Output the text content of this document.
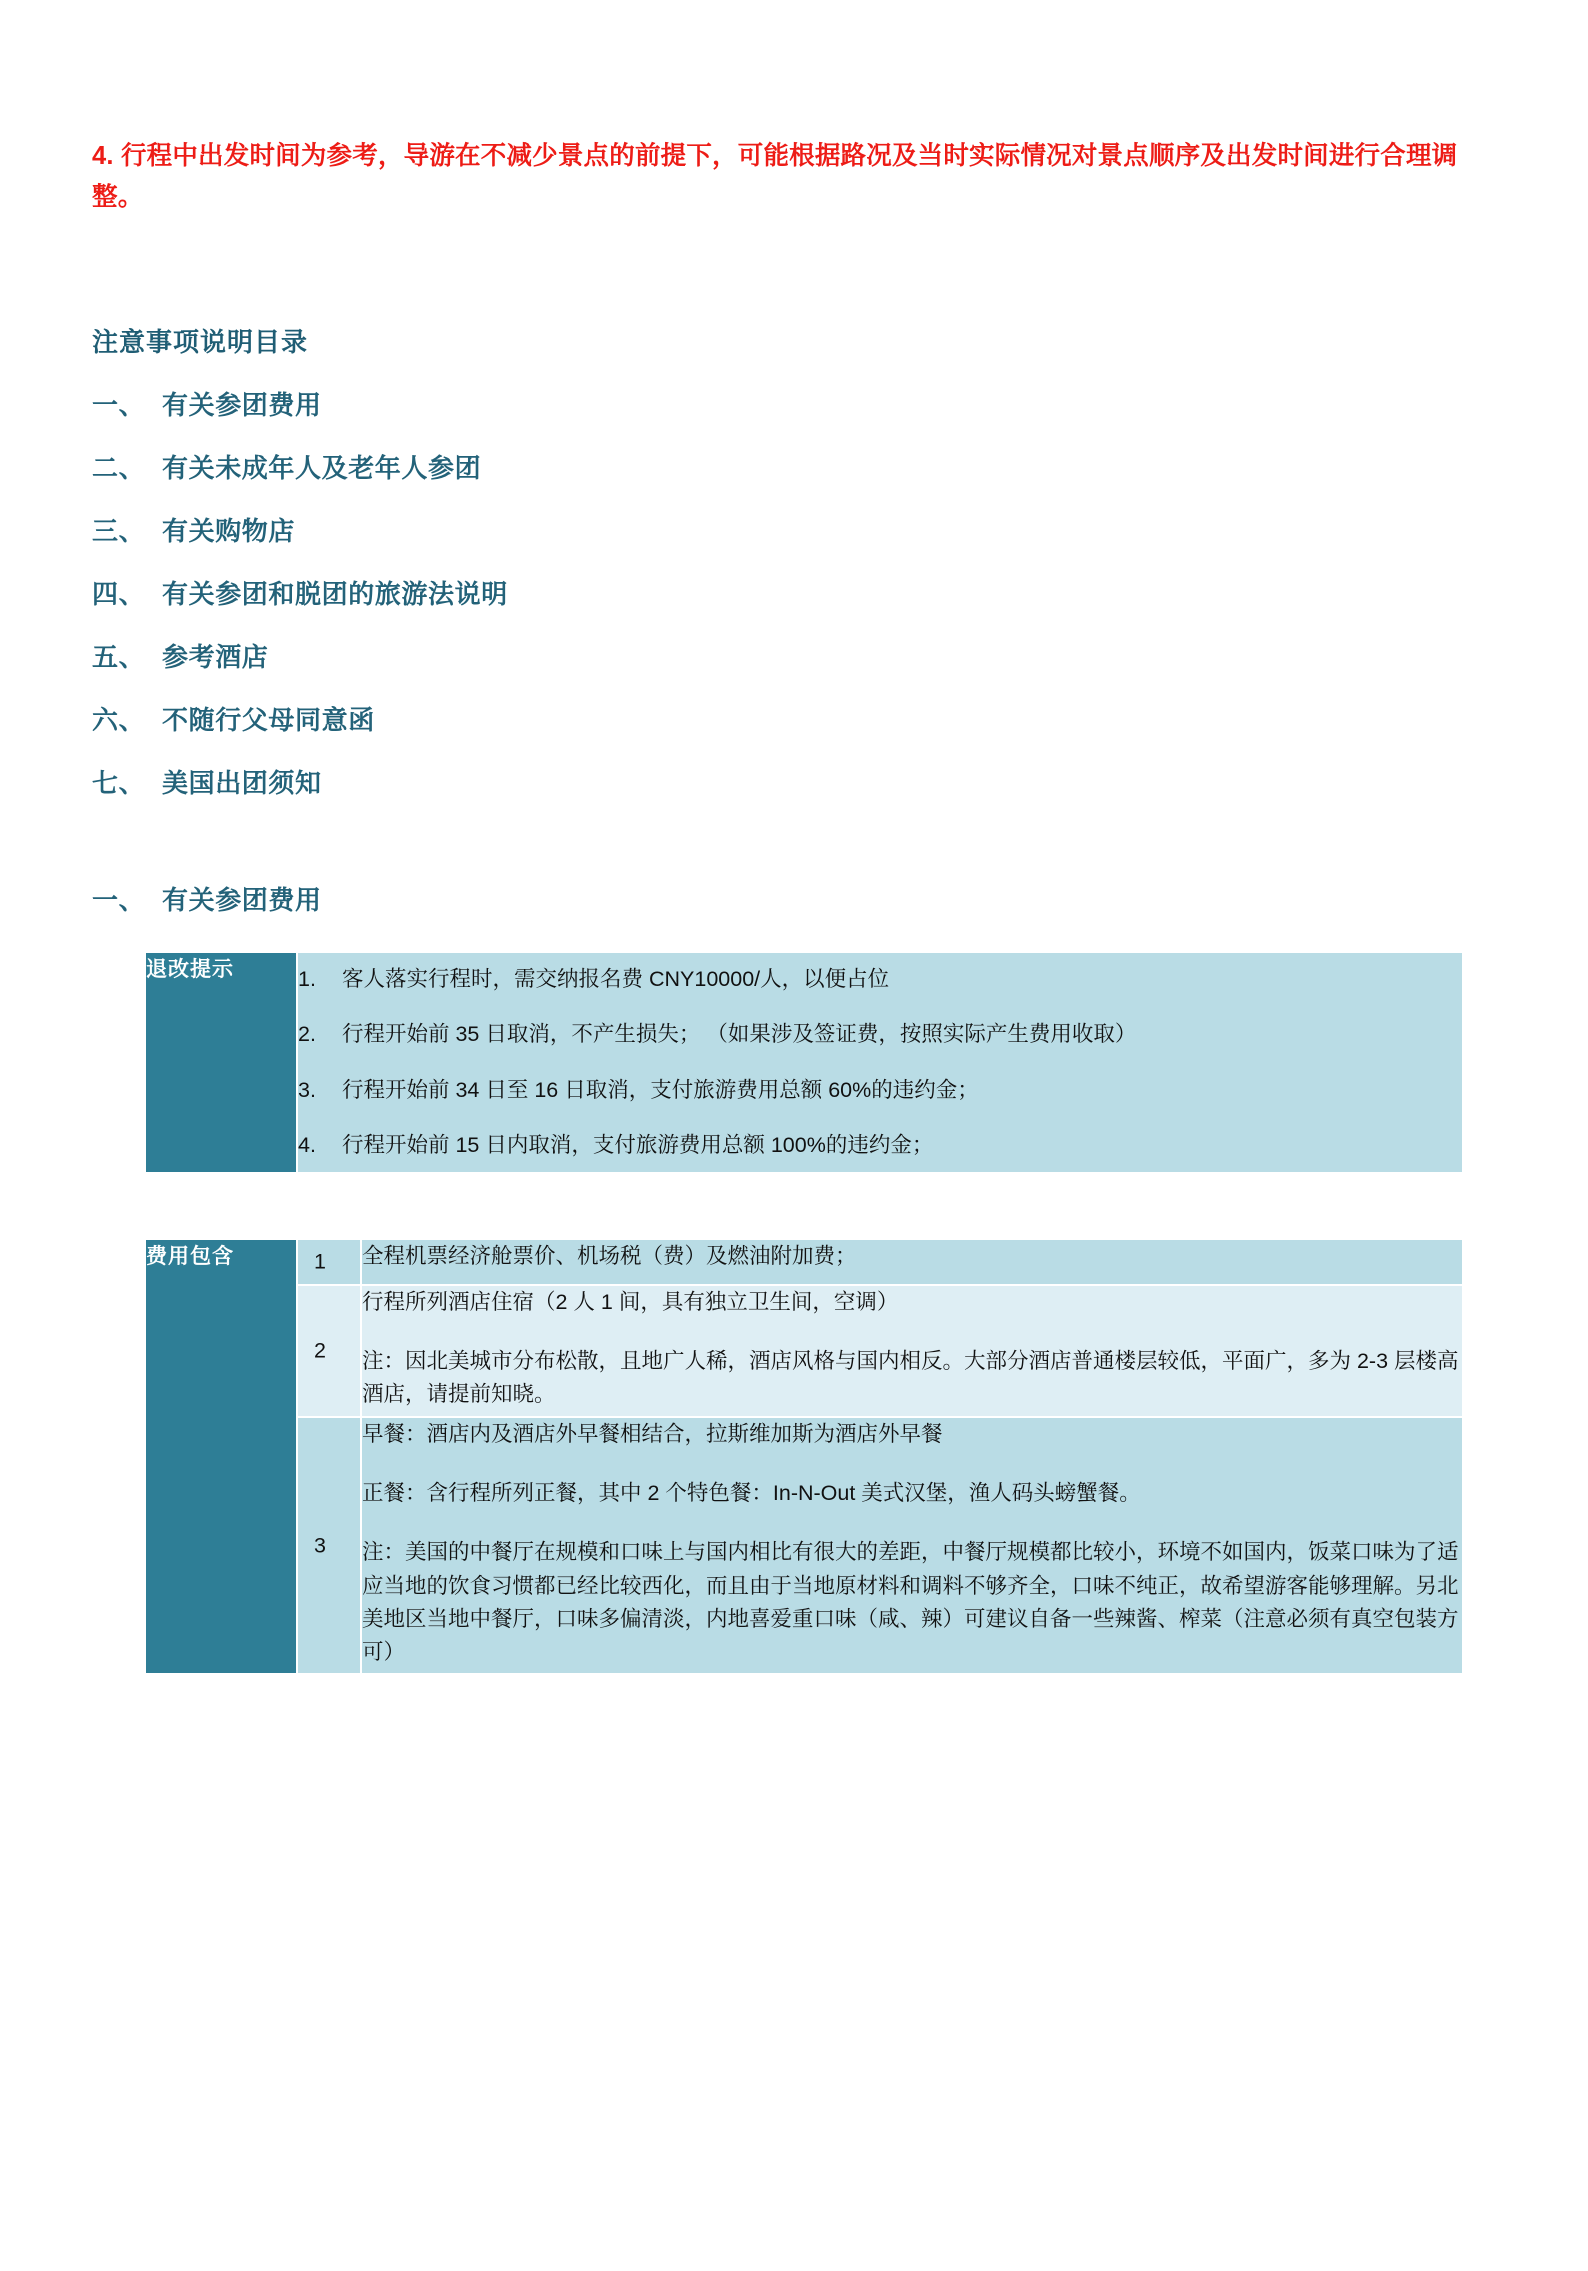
4. 行程中出发时间为参考，导游在不减少景点的前提下，可能根据路况及当时实际情况对景点顺序及出发时间进行合理调整。

注意事项说明目录
一、 有关参团费用
二、 有关未成年人及老年人参团
三、 有关购物店
四、 有关参团和脱团的旅游法说明
五、 参考酒店
六、 不随行父母同意函
七、 美国出团须知
一、 有关参团费用
退改提示	1.	客人落实行程时，需交纳报名费 CNY10000/人，以便占位
2.	行程开始前 35 日取消，不产生损失； （如果涉及签证费，按照实际产生费用收取）
3.	行程开始前 34 日至 16 日取消，支付旅游费用总额 60%的违约金；
4.	行程开始前 15 日内取消，支付旅游费用总额 100%的违约金；
费用包含	1	全程机票经济舱票价、机场税（费）及燃油附加费；

	2	行程所列酒店住宿（2 人 1 间，具有独立卫生间，空调）

注：因北美城市分布松散，且地广人稀，酒店风格与国内相反。大部分酒店普通楼层较低，平面广，多为 2-3 层楼高酒店，请提前知晓。

	3	早餐：酒店内及酒店外早餐相结合，拉斯维加斯为酒店外早餐

正餐：含行程所列正餐，其中 2 个特色餐：In-N-Out 美式汉堡，渔人码头螃蟹餐。

注：美国的中餐厅在规模和口味上与国内相比有很大的差距，中餐厅规模都比较小，环境不如国内，饭菜口味为了适应当地的饮食习惯都已经比较西化，而且由于当地原材料和调料不够齐全，口味不纯正，故希望游客能够理解。另北美地区当地中餐厅，口味多偏清淡，内地喜爱重口味（咸、辣）可建议自备一些辣酱、榨菜（注意必须有真空包装方可）
